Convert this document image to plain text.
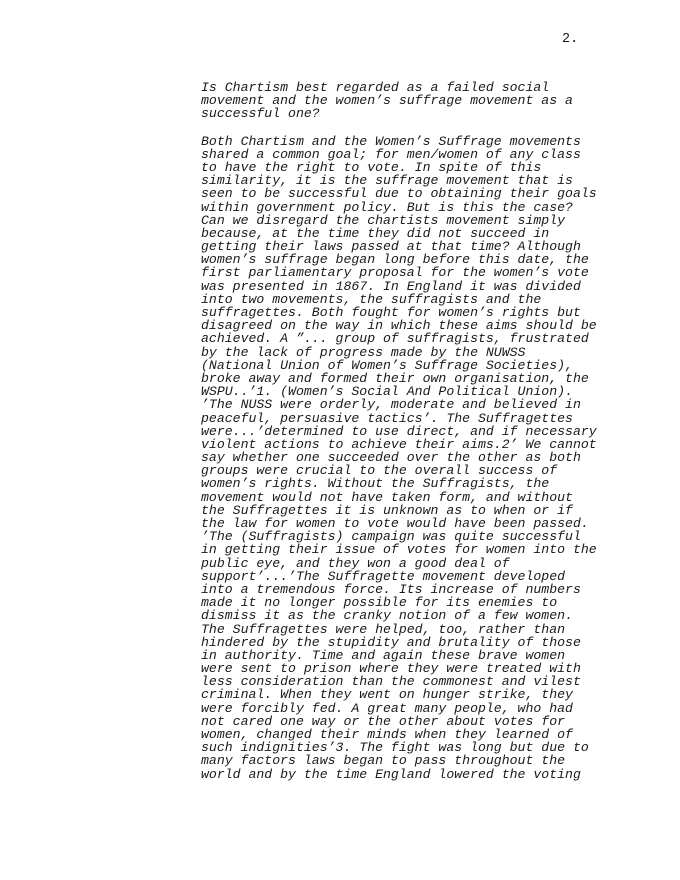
2.
Is Chartism best regarded as a failed social
movement and the women’s suffrage movement as a
successful one?
Both Chartism and the Women’s Suffrage movements
shared a common goal; for men/women of any class
to have the right to vote. In spite of this
similarity, it is the suffrage movement that is
seen to be successful due to obtaining their goals
within government policy. But is this the case?
Can we disregard the chartists movement simply
because, at the time they did not succeed in
getting their laws passed at that time? Although
women’s suffrage began long before this date, the
first parliamentary proposal for the women’s vote
was presented in 1867. In England it was divided
into two movements, the suffragists and the
suffragettes. Both fought for women’s rights but
disagreed on the way in which these aims should be
achieved. A ”... group of suffragists, frustrated
by the lack of progress made by the NUWSS
(National Union of Women’s Suffrage Societies),
broke away and formed their own organisation, the
WSPU..’1. (Women’s Social And Political Union).
’The NUSS were orderly, moderate and believed in
peaceful, persuasive tactics’. The Suffragettes
were...’determined to use direct, and if necessary
violent actions to achieve their aims.2’ We cannot
say whether one succeeded over the other as both
groups were crucial to the overall success of
women’s rights. Without the Suffragists, the
movement would not have taken form, and without
the Suffragettes it is unknown as to when or if
the law for women to vote would have been passed.
’The (Suffragists) campaign was quite successful
in getting their issue of votes for women into the
public eye, and they won a good deal of
support’...’The Suffragette movement developed
into a tremendous force. Its increase of numbers
made it no longer possible for its enemies to
dismiss it as the cranky notion of a few women.
The Suffragettes were helped, too, rather than
hindered by the stupidity and brutality of those
in authority. Time and again these brave women
were sent to prison where they were treated with
less consideration than the commonest and vilest
criminal. When they went on hunger strike, they
were forcibly fed. A great many people, who had
not cared one way or the other about votes for
women, changed their minds when they learned of
such indignities’3. The fight was long but due to
many factors laws began to pass throughout the
world and by the time England lowered the voting
